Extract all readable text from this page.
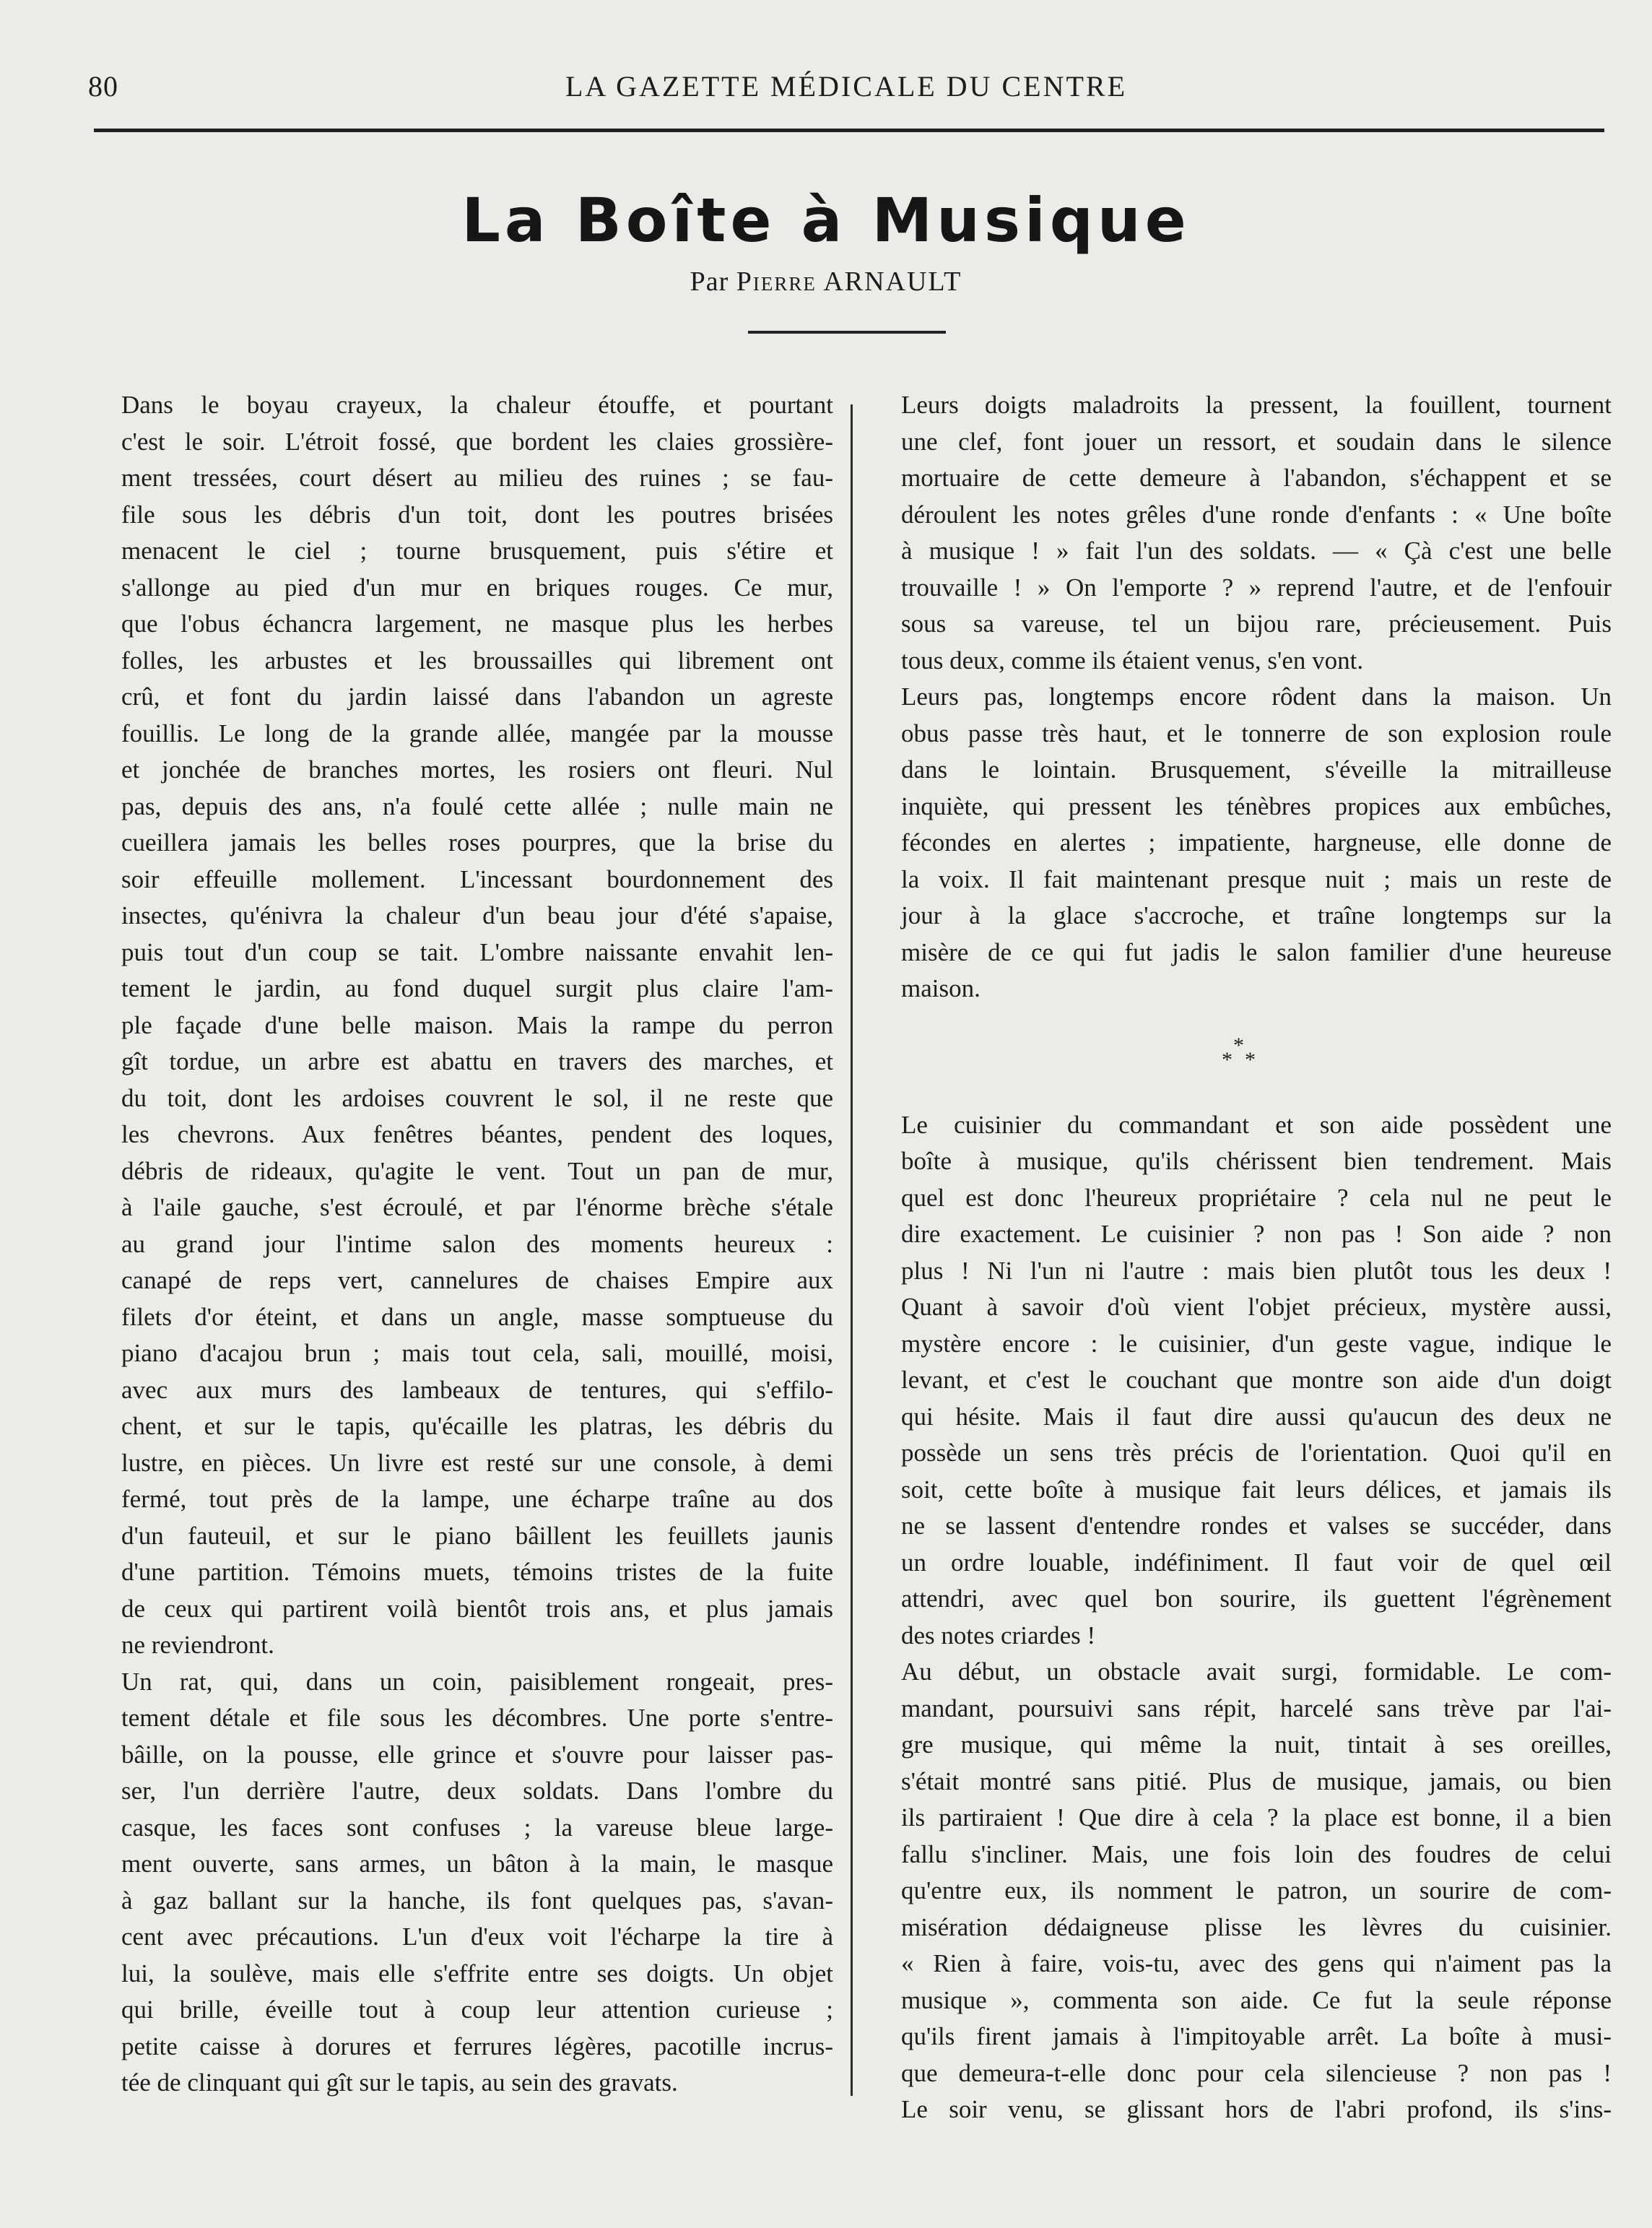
80	LA GAZETTE MÉDICALE DU CENTRE
La Boîte à Musique
Par Pierre ARNAULT

Dans le boyau crayeux, la chaleur étouffe, et pourtant
c'est le soir. L'étroit fossé, que bordent les claies grossière-
ment tressées, court désert au milieu des ruines ; se fau-
file sous les débris d'un toit, dont les poutres brisées
menacent le ciel ; tourne brusquement, puis s'étire et
s'allonge au pied d'un mur en briques rouges. Ce mur,
que l'obus échancra largement, ne masque plus les herbes
folles, les arbustes et les broussailles qui librement ont
crû, et font du jardin laissé dans l'abandon un agreste
fouillis. Le long de la grande allée, mangée par la mousse
et jonchée de branches mortes, les rosiers ont fleuri. Nul
pas, depuis des ans, n'a foulé cette allée ; nulle main ne
cueillera jamais les belles roses pourpres, que la brise du
soir effeuille mollement. L'incessant bourdonnement des
insectes, qu'énivra la chaleur d'un beau jour d'été s'apaise,
puis tout d'un coup se tait. L'ombre naissante envahit len-
tement le jardin, au fond duquel surgit plus claire l'am-
ple façade d'une belle maison. Mais la rampe du perron
gît tordue, un arbre est abattu en travers des marches, et
du toit, dont les ardoises couvrent le sol, il ne reste que
les chevrons. Aux fenêtres béantes, pendent des loques,
débris de rideaux, qu'agite le vent. Tout un pan de mur,
à l'aile gauche, s'est écroulé, et par l'énorme brèche s'étale
au grand jour l'intime salon des moments heureux :
canapé de reps vert, cannelures de chaises Empire aux
filets d'or éteint, et dans un angle, masse somptueuse du
piano d'acajou brun ; mais tout cela, sali, mouillé, moisi,
avec aux murs des lambeaux de tentures, qui s'effilo-
chent, et sur le tapis, qu'écaille les platras, les débris du
lustre, en pièces. Un livre est resté sur une console, à demi
fermé, tout près de la lampe, une écharpe traîne au dos
d'un fauteuil, et sur le piano bâillent les feuillets jaunis
d'une partition. Témoins muets, témoins tristes de la fuite
de ceux qui partirent voilà bientôt trois ans, et plus jamais
ne reviendront.

Un rat, qui, dans un coin, paisiblement rongeait, pres-
tement détale et file sous les décombres. Une porte s'entre-
bâille, on la pousse, elle grince et s'ouvre pour laisser pas-
ser, l'un derrière l'autre, deux soldats. Dans l'ombre du
casque, les faces sont confuses ; la vareuse bleue large-
ment ouverte, sans armes, un bâton à la main, le masque
à gaz ballant sur la hanche, ils font quelques pas, s'avan-
cent avec précautions. L'un d'eux voit l'écharpe la tire à
lui, la soulève, mais elle s'effrite entre ses doigts. Un objet
qui brille, éveille tout à coup leur attention curieuse ;
petite caisse à dorures et ferrures légères, pacotille incrus-
tée de clinquant qui gît sur le tapis, au sein des gravats.

Leurs doigts maladroits la pressent, la fouillent, tournent
une clef, font jouer un ressort, et soudain dans le silence
mortuaire de cette demeure à l'abandon, s'échappent et se
déroulent les notes grêles d'une ronde d'enfants : « Une boîte
à musique ! » fait l'un des soldats. — « Çà c'est une belle
trouvaille ! » On l'emporte ? » reprend l'autre, et de l'enfouir
sous sa vareuse, tel un bijou rare, précieusement. Puis
tous deux, comme ils étaient venus, s'en vont.

Leurs pas, longtemps encore rôdent dans la maison. Un
obus passe très haut, et le tonnerre de son explosion roule
dans le lointain. Brusquement, s'éveille la mitrailleuse
inquiète, qui pressent les ténèbres propices aux embûches,
fécondes en alertes ; impatiente, hargneuse, elle donne de
la voix. Il fait maintenant presque nuit ; mais un reste de
jour à la glace s'accroche, et traîne longtemps sur la
misère de ce qui fut jadis le salon familier d'une heureuse
maison.

*
* *

Le cuisinier du commandant et son aide possèdent une
boîte à musique, qu'ils chérissent bien tendrement. Mais
quel est donc l'heureux propriétaire ? cela nul ne peut le
dire exactement. Le cuisinier ? non pas ! Son aide ? non
plus ! Ni l'un ni l'autre : mais bien plutôt tous les deux !
Quant à savoir d'où vient l'objet précieux, mystère aussi,
mystère encore : le cuisinier, d'un geste vague, indique le
levant, et c'est le couchant que montre son aide d'un doigt
qui hésite. Mais il faut dire aussi qu'aucun des deux ne
possède un sens très précis de l'orientation. Quoi qu'il en
soit, cette boîte à musique fait leurs délices, et jamais ils
ne se lassent d'entendre rondes et valses se succéder, dans
un ordre louable, indéfiniment. Il faut voir de quel œil
attendri, avec quel bon sourire, ils guettent l'égrènement
des notes criardes !

Au début, un obstacle avait surgi, formidable. Le com-
mandant, poursuivi sans répit, harcelé sans trève par l'ai-
gre musique, qui même la nuit, tintait à ses oreilles,
s'était montré sans pitié. Plus de musique, jamais, ou bien
ils partiraient ! Que dire à cela ? la place est bonne, il a bien
fallu s'incliner. Mais, une fois loin des foudres de celui
qu'entre eux, ils nomment le patron, un sourire de com-
misération dédaigneuse plisse les lèvres du cuisinier.
« Rien à faire, vois-tu, avec des gens qui n'aiment pas la
musique », commenta son aide. Ce fut la seule réponse
qu'ils firent jamais à l'impitoyable arrêt. La boîte à musi-
que demeura-t-elle donc pour cela silencieuse ? non pas !
Le soir venu, se glissant hors de l'abri profond, ils s'ins-
